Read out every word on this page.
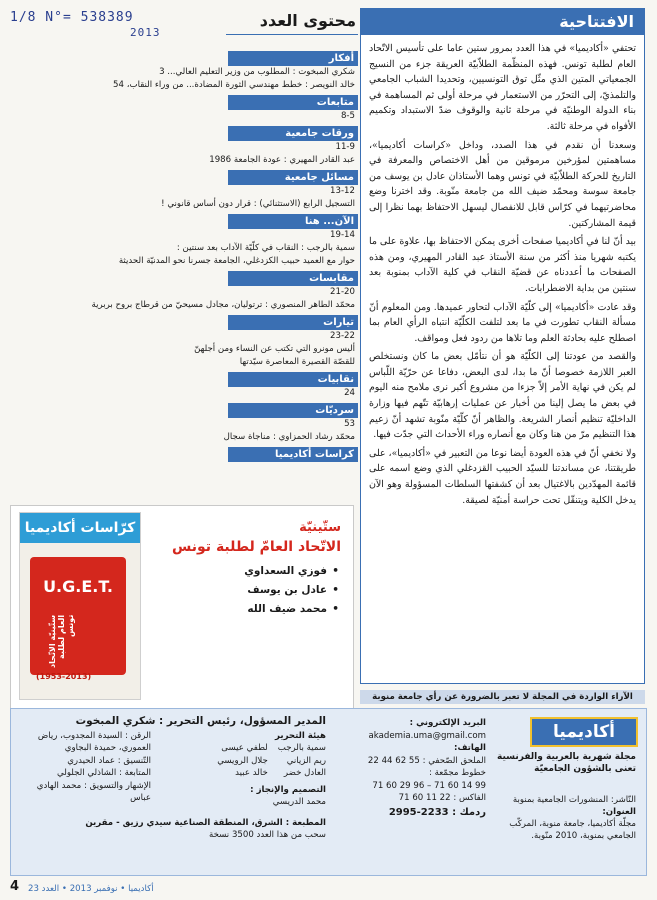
1/8 N°= 538389
2013
الافتتاحية

تحتفي «أكاديميا» في هذا العدد بمرور ستين عاما على تأسيس الاتّحاد العام لطلبة تونس. فهذه المنظّمة الطلاّبيّة العريقة جزء من النسيج الجمعياتي المتين الذي مثّل توق التونسيين، وتحديدا الشباب الجامعي والتلمذيّ، إلى التحرّر من الاستعمار في مرحلة أولى ثم المساهمة في بناء الدولة الوطنيّة في مرحلة ثانية والوقوف ضدّ الاستبداد وتكميم الأفواه في مرحلة ثالثة.

وسعدنا أن نقدم في هذا الصدد، وداخل «كراسات أكاديميا»، مساهمتين لمؤرخين مرموقين من أهل الاختصاص والمعرفة في التاريخ للحركة الطلاّبيّة في تونس وهما الأستاذان عادل بن يوسف من جامعة سوسة ومحمّد ضيف الله من جامعة منّوبة. وقد اخترنا وضع محاضرتيهما في كرّاس قابل للانفصال ليسهل الاحتفاظ بهما نظرا إلى قيمة المشاركتين.

بيد أنّ لنا في أكاديميا صفحات أخرى يمكن الاحتفاظ بها، علاوة على ما يكتبه شهريا منذ أكثر من سنة الأستاذ عبد القادر المهيري، ومن هذه الصفحات ما أعددناه عن قضيّة النقاب في كلية الآداب بمنوبة بعد سنتين من بداية الاضطرابات.

وقد عادت «أكاديميا» إلى كلّيّة الآداب لتحاور عميدها. ومن المعلوم أنّ مسألة النقاب تطورت في ما بعد لتلفت الكلّيّة انتباه الرأي العام بما اصطلح عليه بحادثة العلم وما تلاها من ردود فعل ومواقف.

والقصد من عودتنا إلى الكلّيّة هو أن نتأمّل بعض ما كان ونستخلص العبر اللازمة خصوصا أنّ ما بدا، لدى البعض، دفاعا عن حرّيّة اللّباس لم يكن في نهاية الأمر إلاّ جزءا من مشروع أكبر نرى ملامح منه اليوم في بعض ما يصل إلينا من أخبار عن عمليات إرهابيّة تتّهم فيها وزارة الداخليّة تنظيم أنصار الشريعة. والظاهر أنّ كلّيّة منّوبة تشهد أنّ زعيم هذا التنظيم مرّ من هنا وكان مع أنصاره وراء الأحداث التي جدّت فيها.

ولا نخفي أنّ في هذه العودة أيضا نوعا من التعبير في «أكاديميا»، على طريقتنا، عن مساندتنا للسيّد الحبيب القزدغلي الذي وضع اسمه على قائمة المهدّدين بالاغتيال بعد أن كشفتها السلطات المسؤولة وهو الآن يدخل الكلية ويتنقّل تحت حراسة أمنيّة لصيقة.

محتوى العدد
أفكار
شكري المبخوت : المطلوب من وزير التعليم العالي... 3
خالد النويصر : خطط مهندسي الثورة المضادة... من وراء النقاب، 54
متابعات
8-5
ورقات جامعية
11-9
عبد القادر المهيري : عودة الجامعة 1986
مسائل جامعية
13-12
التسجيل الرابع (الاستثنائي) : قرار دون أساس قانوني !
الآن... هنا
19-14
سمية بالرجب : النقاب في كلّيّة الآداب بعد سنتين :
حوار مع العميد حبيب الكزدغلي، الجامعة جسرنا نحو المدنيّة الحديثة
مقابسات
21-20
محمّد الطاهر المنصوري : ترتوليان، مجادل مسيحيّ من قرطاج بروح بربرية
تيارات
23-22
أليس مونرو التي تكتب عن النساء ومن أجلهنّ
للقصّة القصيرة المعاصرة سيّدتها
نقابيات
24
سرديّات
53
محمّد رشاد الحمزاوي : مناجاة سجال
كراسات أكاديميا
كرّاسات أكاديميا
U.G.E.T.
ستّينيّة الاتّحاد العام لطلبة تونس
(1953-2013)
ستّينيّة
الاتّحاد العامّ لطلبة تونس
• فوزي السعداوي
• عادل بن يوسف
• محمد ضيف الله
الآراء الواردة في المجلة لا تعبر بالضرورة عن رأي جامعة منوبة
أكاديميا
مجلة شهرية بالعربية والفرنسية تعنى بالشؤون الجامعيّة
النّاشر: المنشورات الجامعية بمنوبة
العنوان:
مجلّة أكاديميا، جامعة منوبة، المركّب الجامعي بمنوبة، 2010 منّوبة.
البريد الإلكتروني :
akademia.uma@gmail.com
الهاتف:
الملحق الصّحفي : 22 44 62 55
خطوط مجمّعة :
71 60 29 96 – 71 60 14 99
الفاكس : 71 60 11 22
ردمك : 2995-2233
المدير المسؤول، رئيس التحرير : شكري المبخوت
هيئة التحرير
سمية بالرجب
ريم الزياني
العادل خضر
لطفي عيسى
جلال الرويسي
خالد عبيد
التصميم والإنجاز :
محمد الدريسي
الرقن : السيدة المجدوب، رياض العموري، حميدة البجاوي
التّنسيق : عماد الحيدري
المتابعة : الشاذلي الجلولي
الإشهار والتسويق : محمد الهادي عباس
المطبعة : الشرق، المنطقة الصناعية سيدي رزيق - مقرين
سحب من هذا العدد 3500 نسخة
4 أكاديميا • نوفمبر 2013 • العدد 23
